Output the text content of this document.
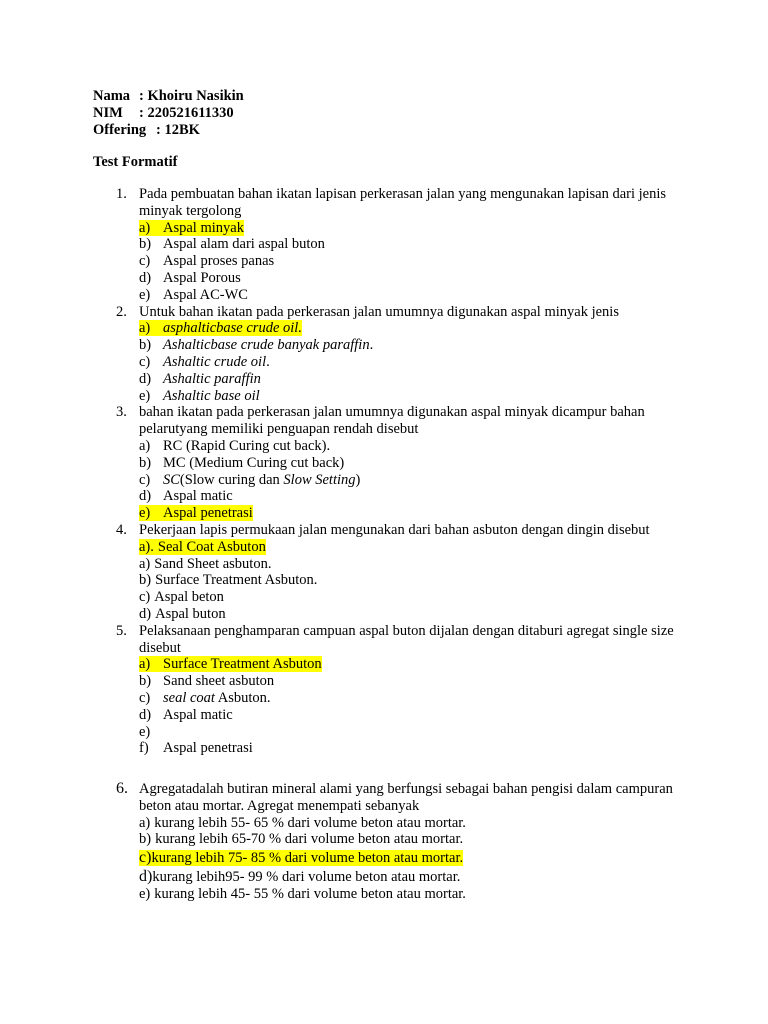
Nama : Khoiru Nasikin
NIM : 220521611330
Offering : 12BK
Test Formatif
1. Pada pembuatan bahan ikatan lapisan perkerasan jalan yang mengunakan lapisan dari jenis minyak tergolong
a) Aspal minyak
b) Aspal alam dari aspal buton
c) Aspal proses panas
d) Aspal Porous
e) Aspal AC-WC
2. Untuk bahan ikatan pada perkerasan jalan umumnya digunakan aspal minyak jenis
a) asphalticbase crude oil.
b) Ashalticbase crude banyak paraffin.
c) Ashaltic crude oil.
d) Ashaltic paraffin
e) Ashaltic base oil
3. bahan ikatan pada perkerasan jalan umumnya digunakan aspal minyak dicampur bahan pelarutyang memiliki penguapan rendah disebut
a) RC (Rapid Curing cut back).
b) MC (Medium Curing cut back)
c) SC(Slow curing dan Slow Setting)
d) Aspal matic
e) Aspal penetrasi
4. Pekerjaan lapis permukaan jalan mengunakan dari bahan asbuton dengan dingin disebut
a). Seal Coat Asbuton
a) Sand Sheet asbuton.
b) Surface Treatment Asbuton.
c) Aspal beton
d) Aspal buton
5. Pelaksanaan penghamparan campuan aspal buton dijalan dengan ditaburi agregat single size disebut
a) Surface Treatment Asbuton
b) Sand sheet asbuton
c) seal coat Asbuton.
d) Aspal matic
e)
f) Aspal penetrasi
6. Agregatadalah butiran mineral alami yang berfungsi sebagai bahan pengisi dalam campuran beton atau mortar. Agregat menempati sebanyak
a) kurang lebih 55- 65 % dari volume beton atau mortar.
b) kurang lebih 65-70 % dari volume beton atau mortar.
c)kurang lebih 75- 85 % dari volume beton atau mortar.
d)kurang lebih95- 99 % dari volume beton atau mortar.
e) kurang lebih 45- 55 % dari volume beton atau mortar.
